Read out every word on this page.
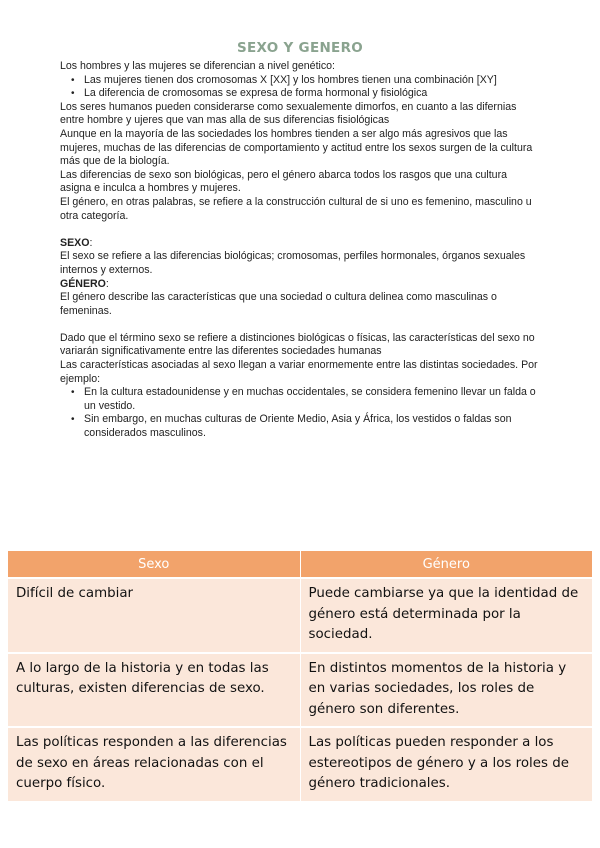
SEXO Y GENERO

Los hombres y las mujeres se diferencian a nivel genético:

• Las mujeres tienen dos cromosomas X [XX] y los hombres tienen una combinación [XY]
• La diferencia de cromosomas se expresa de forma hormonal y fisiológica

Los seres humanos pueden considerarse como sexualemente dimorfos, en cuanto a las difernias entre hombre y ujeres que van mas alla de sus diferencias fisiológicas

Aunque en la mayoría de las sociedades los hombres tienden a ser algo más agresivos que las mujeres, muchas de las diferencias de comportamiento y actitud entre los sexos surgen de la cultura más que de la biología.

Las diferencias de sexo son biológicas, pero el género abarca todos los rasgos que una cultura asigna e inculca a hombres y mujeres.

El género, en otras palabras, se refiere a la construcción cultural de si uno es femenino, masculino u otra categoría.

SEXO:

El sexo se refiere a las diferencias biológicas; cromosomas, perfiles hormonales, órganos sexuales internos y externos.

GÉNERO:

El género describe las características que una sociedad o cultura delinea como masculinas o femeninas.

Dado que el término sexo se refiere a distinciones biológicas o físicas, las características del sexo no variarán significativamente entre las diferentes sociedades humanas

Las características asociadas al sexo llegan a variar enormemente entre las distintas sociedades. Por ejemplo:

• En la cultura estadounidense y en muchas occidentales, se considera femenino llevar un falda o un vestido.
• Sin embargo, en muchas culturas de Oriente Medio, Asia y África, los vestidos o faldas son considerados masculinos.
Sexo	Género
Difícil de cambiar	Puede cambiarse ya que la identidad de género está determinada por la sociedad.
A lo largo de la historia y en todas las culturas, existen diferencias de sexo.	En distintos momentos de la historia y en varias sociedades, los roles de género son diferentes.
Las políticas responden a las diferencias de sexo en áreas relacionadas con el cuerpo físico.	Las políticas pueden responder a los estereotipos de género y a los roles de género tradicionales.
